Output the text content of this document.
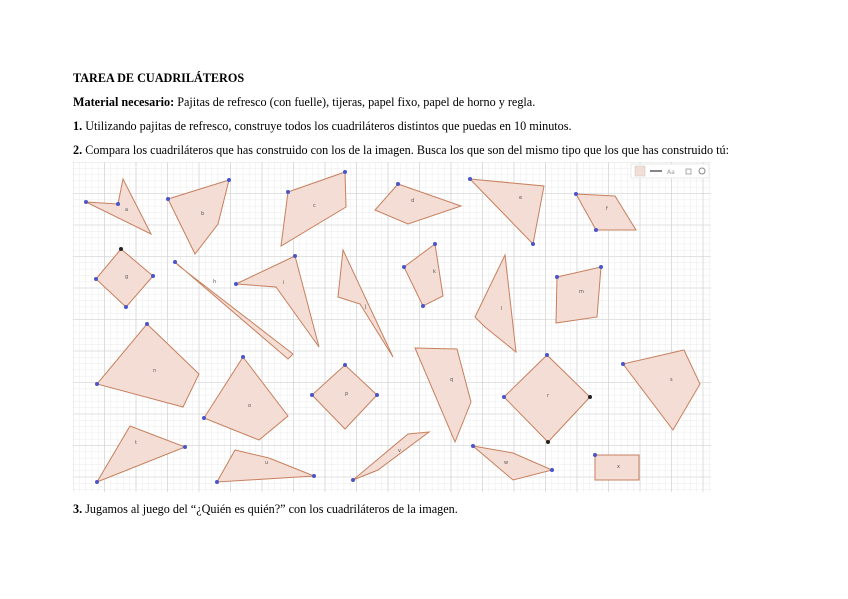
TAREA DE CUADRILÁTEROS
Material necesario: Pajitas de refresco (con fuelle), tijeras, papel fixo, papel de horno y regla.
1. Utilizando pajitas de refresco, construye todos los cuadriláteros distintos que puedas en 10 minutos.
2. Compara los cuadriláteros que has construido con los de la imagen. Busca los que son del mismo tipo que los que has construido tú:
a
b
c
d	e
f
g
h	i
j
k
l
m
n
o
p
q
r
s
t
u
v
w
x
Aa
3. Jugamos al juego del “¿Quién es quién?” con los cuadriláteros de la imagen.
